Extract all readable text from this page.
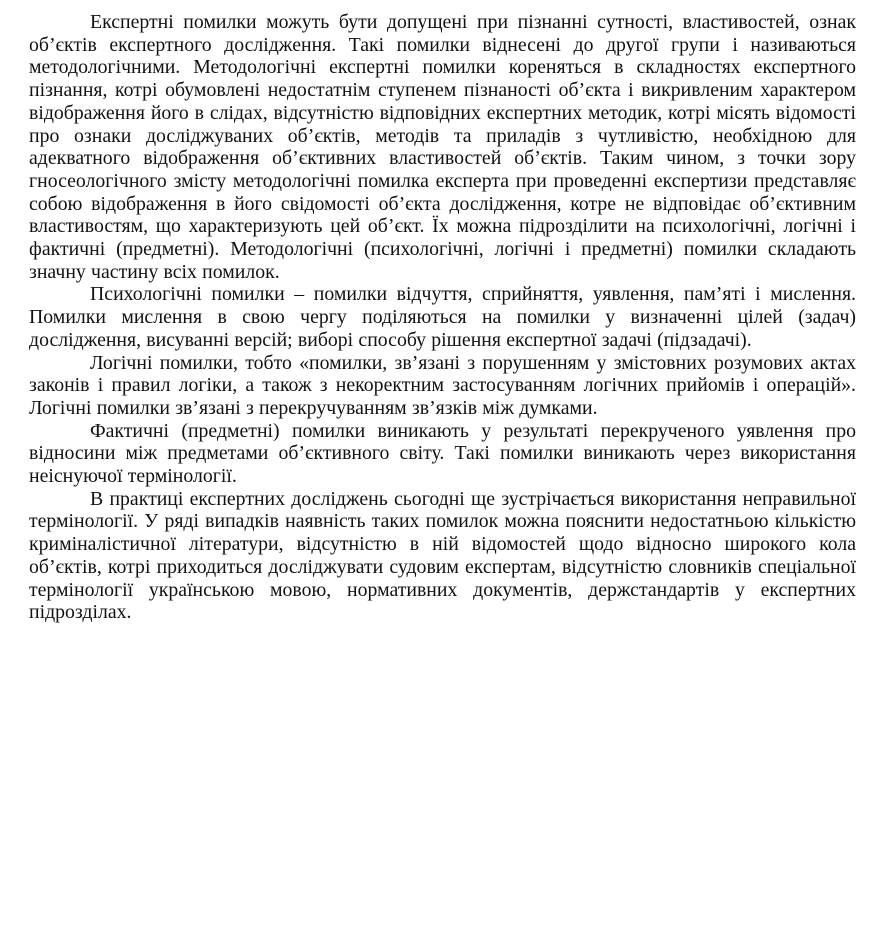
Експертні помилки можуть бути допущені при пізнанні сутності, властивостей, ознак об’єктів експертного дослідження. Такі помилки віднесені до другої групи і називаються методологічними. Методологічні експертні помилки кореняться в складностях експертного пізнання, котрі обумовлені недостатнім ступенем пізнаності об’єкта і викривленим характером відображення його в слідах, відсутністю відповідних експертних методик, котрі місять відомості про ознаки досліджуваних об’єктів, методів та приладів з чутливістю, необхідною для адекватного відображення об’єктивних властивостей об’єктів. Таким чином, з точки зору гносеологічного змісту методологічні помилка експерта при проведенні експертизи представляє собою відображення в його свідомості об’єкта дослідження, котре не відповідає об’єктивним властивостям, що характеризують цей об’єкт. Їх можна підрозділити на психологічні, логічні і фактичні (предметні). Методологічні (психологічні, логічні і предметні) помилки складають значну частину всіх помилок.

Психологічні помилки – помилки відчуття, сприйняття, уявлення, пам’яті і мислення. Помилки мислення в свою чергу поділяються на помилки у визначенні цілей (задач) дослідження, висуванні версій; виборі способу рішення експертної задачі (підзадачі).

Логічні помилки, тобто «помилки, зв’язані з порушенням у змістовних розумових актах законів і правил логіки, а також з некоректним застосуванням логічних прийомів і операцій». Логічні помилки зв’язані з перекручуванням зв’язків між думками.

Фактичні (предметні) помилки виникають у результаті перекрученого уявлення про відносини між предметами об’єктивного світу. Такі помилки виникають через використання неіснуючої термінології.

В практиці експертних досліджень сьогодні ще зустрічається використання неправильної термінології. У ряді випадків наявність таких помилок можна пояснити недостатньою кількістю криміналістичної літератури, відсутністю в ній відомостей щодо відносно широкого кола об’єктів, котрі приходиться досліджувати судовим експертам, відсутністю словників спеціальної термінології українською мовою, нормативних документів, держстандартів у експертних підрозділах.
